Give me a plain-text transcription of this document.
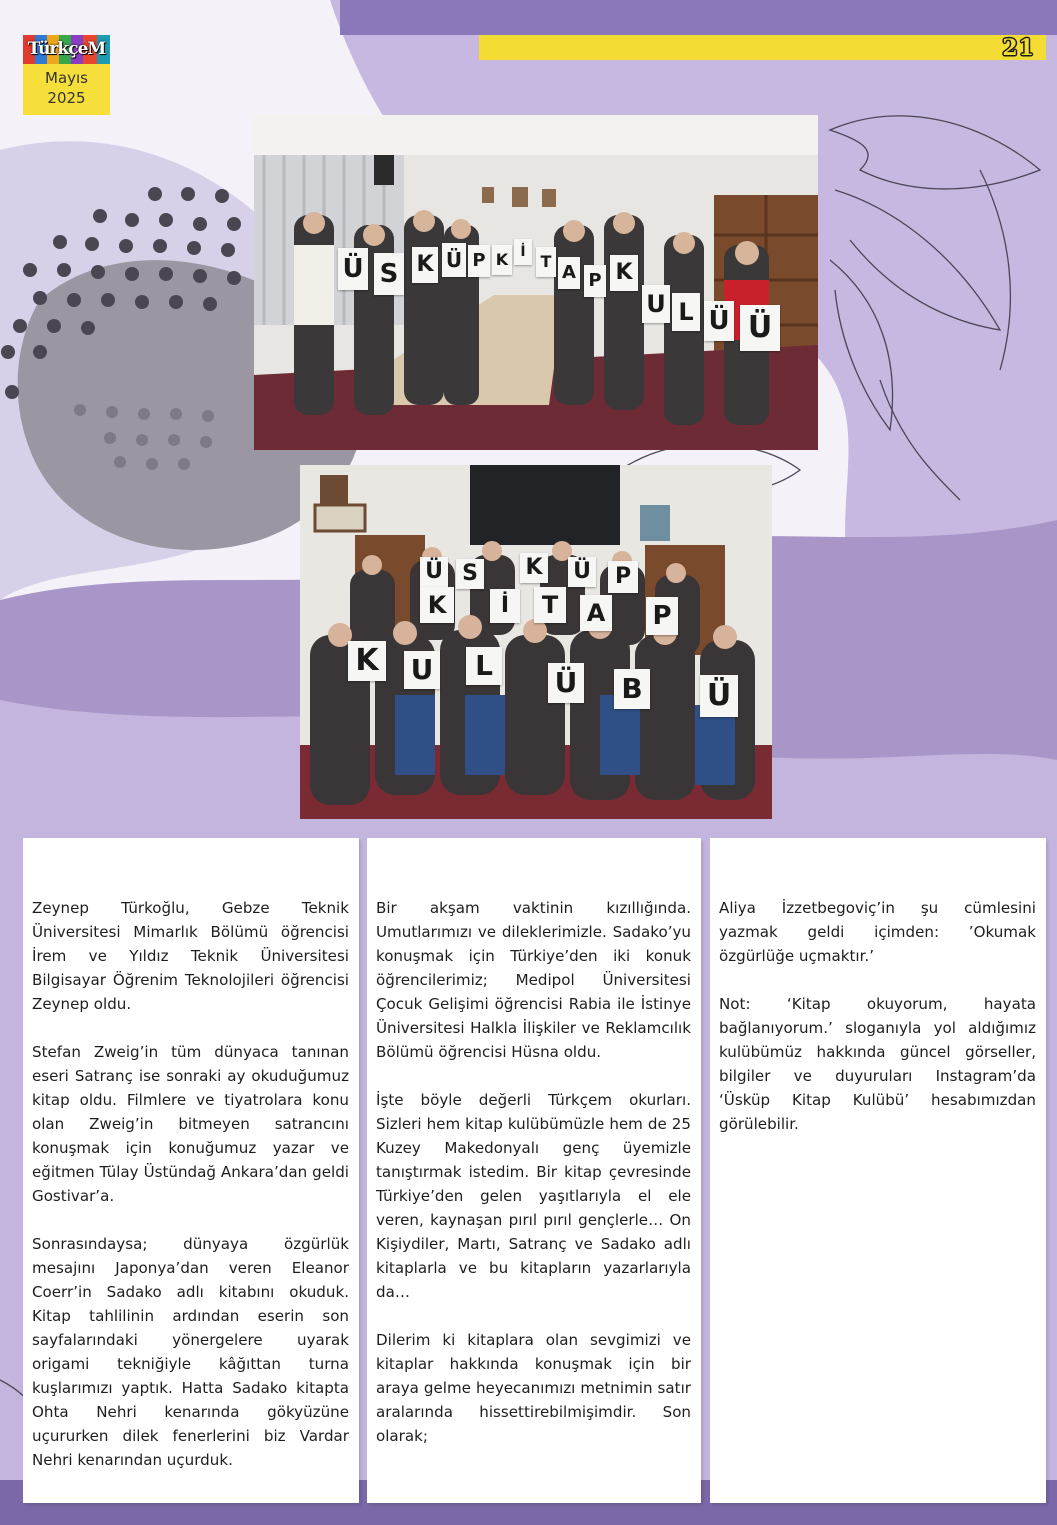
TürkçeM
Mayıs
2025
21
Ü S K Ü P K İ T
A P K
U L Ü Ü
Ü S K Ü	P
K	İ	T	A P
K U	L
Ü B Ü

Zeynep Türkoğlu, Gebze Teknik Üniversitesi Mimarlık Bölümü öğrencisi İrem ve Yıldız Teknik Üniversitesi Bilgisayar Öğrenim Teknolojileri öğrencisi Zeynep oldu.

Stefan Zweig’in tüm dünyaca tanınan eseri Satranç ise sonraki ay okuduğumuz kitap oldu. Filmlere ve tiyatrolara konu olan Zweig’in bitmeyen satrancını konuşmak için konuğumuz yazar ve eğitmen Tülay Üstündağ Ankara’dan geldi Gostivar’a.

Sonrasındaysa; dünyaya özgürlük mesajını Japonya’dan veren Eleanor Coerr’in Sadako adlı kitabını okuduk. Kitap tahlilinin ardından eserin son sayfalarındaki yönergelere uyarak origami tekniğiyle kâğıttan turna kuşlarımızı yaptık. Hatta Sadako kitapta Ohta Nehri kenarında gökyüzüne uçururken dilek fenerlerini biz Vardar Nehri kenarından uçurduk.

Bir akşam vaktinin kızıllığında. Umutlarımızı ve dileklerimizle. Sadako’yu konuşmak için Türkiye’den iki konuk öğrencilerimiz; Medipol Üniversitesi Çocuk Gelişimi öğrencisi Rabia ile İstinye Üniversitesi Halkla İlişkiler ve Reklamcılık Bölümü öğrencisi Hüsna oldu.

İşte böyle değerli Türkçem okurları. Sizleri hem kitap kulübümüzle hem de 25 Kuzey Makedonyalı genç üyemizle tanıştırmak istedim. Bir kitap çevresinde Türkiye’den gelen yaşıtlarıyla el ele veren, kaynaşan pırıl pırıl gençlerle… On Kişiydiler, Martı, Satranç ve Sadako adlı kitaplarla ve bu kitapların yazarlarıyla da…

Dilerim ki kitaplara olan sevgimizi ve kitaplar hakkında konuşmak için bir araya gelme heyecanımızı metnimin satır aralarında hissettirebilmişimdir. Son olarak;

Aliya İzzetbegoviç’in şu cümlesini yazmak geldi içimden: ’Okumak özgürlüğe uçmaktır.’

Not: ‘Kitap okuyorum, hayata bağlanıyorum.’ sloganıyla yol aldığımız kulübümüz hakkında güncel görseller, bilgiler ve duyuruları Instagram’da ‘Üsküp Kitap Kulübü’ hesabımızdan görülebilir.
